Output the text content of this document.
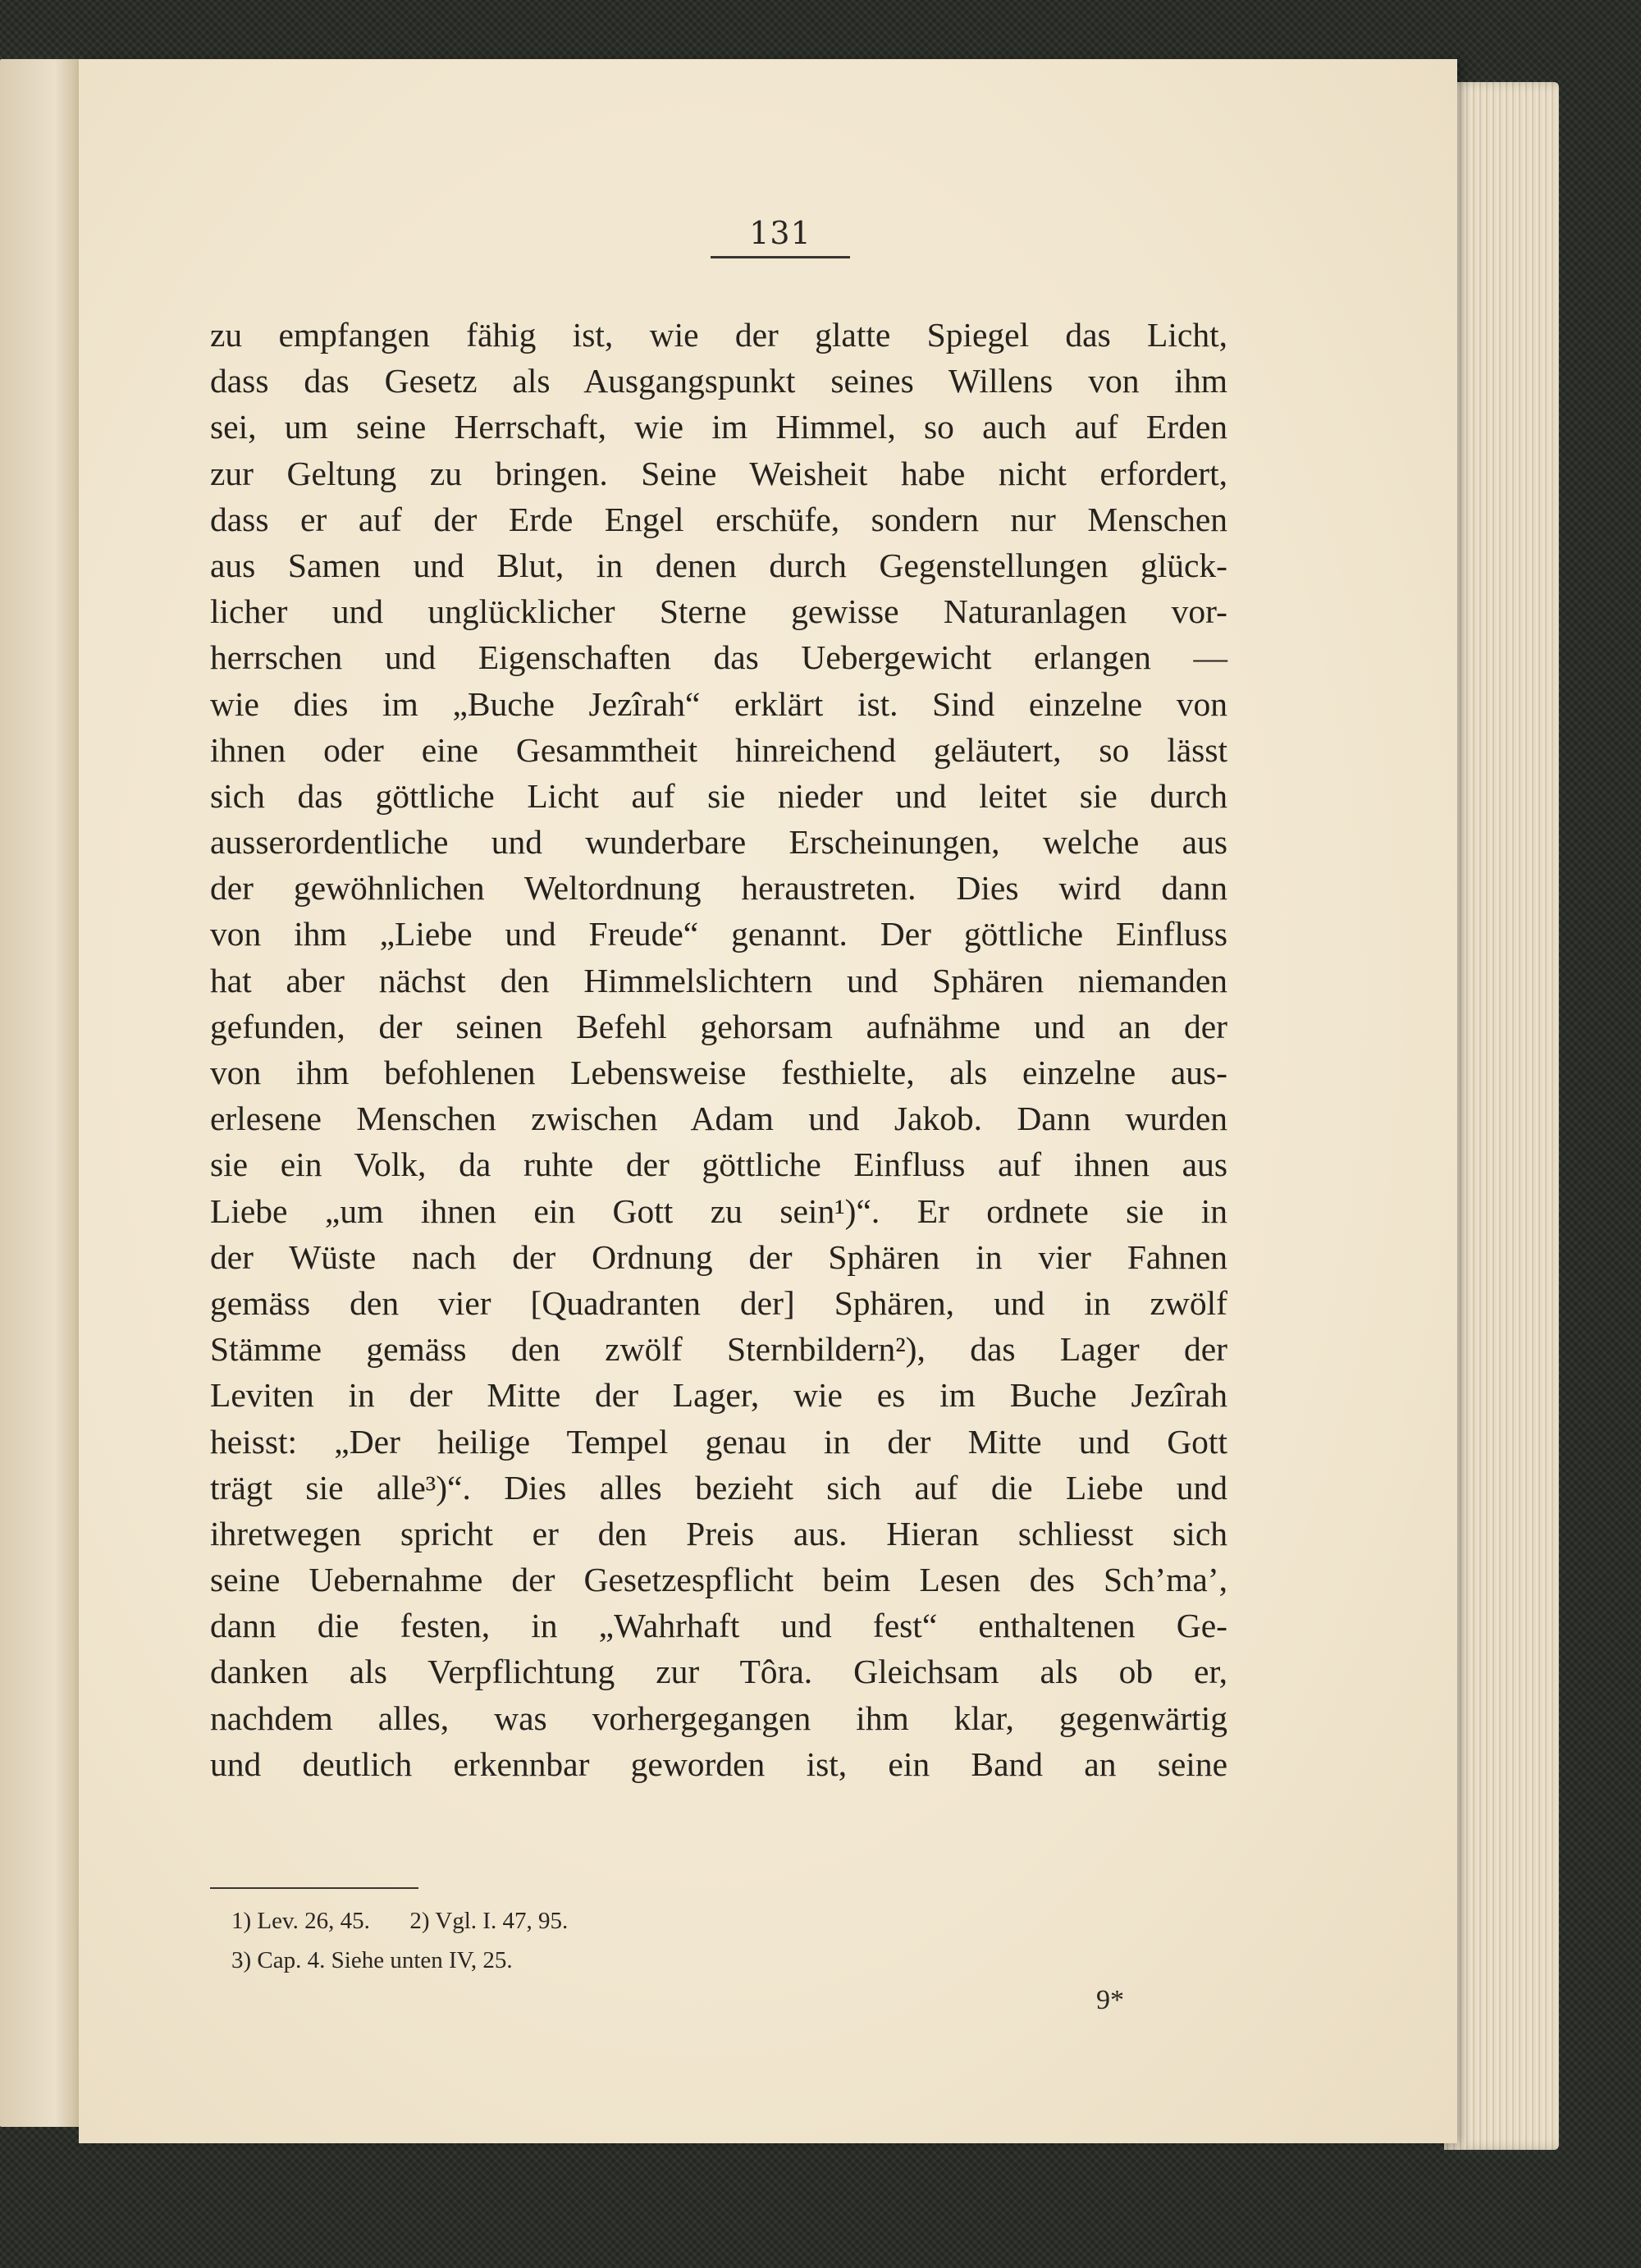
131
zu empfangen fähig ist, wie der glatte Spiegel das Licht,
dass das Gesetz als Ausgangspunkt seines Willens von ihm
sei, um seine Herrschaft, wie im Himmel, so auch auf Erden
zur Geltung zu bringen. Seine Weisheit habe nicht erfordert,
dass er auf der Erde Engel erschüfe, sondern nur Menschen
aus Samen und Blut, in denen durch Gegenstellungen glück-
licher und unglücklicher Sterne gewisse Naturanlagen vor-
herrschen und Eigenschaften das Uebergewicht erlangen —
wie dies im „Buche Jezîrah“ erklärt ist. Sind einzelne von
ihnen oder eine Gesammtheit hinreichend geläutert, so lässt
sich das göttliche Licht auf sie nieder und leitet sie durch
ausserordentliche und wunderbare Erscheinungen, welche aus
der gewöhnlichen Weltordnung heraustreten. Dies wird dann
von ihm „Liebe und Freude“ genannt. Der göttliche Einfluss
hat aber nächst den Himmelslichtern und Sphären niemanden
gefunden, der seinen Befehl gehorsam aufnähme und an der
von ihm befohlenen Lebensweise festhielte, als einzelne aus-
erlesene Menschen zwischen Adam und Jakob. Dann wurden
sie ein Volk, da ruhte der göttliche Einfluss auf ihnen aus
Liebe „um ihnen ein Gott zu sein¹)“. Er ordnete sie in
der Wüste nach der Ordnung der Sphären in vier Fahnen
gemäss den vier [Quadranten der] Sphären, und in zwölf
Stämme gemäss den zwölf Sternbildern²), das Lager der
Leviten in der Mitte der Lager, wie es im Buche Jezîrah
heisst: „Der heilige Tempel genau in der Mitte und Gott
trägt sie alle³)“. Dies alles bezieht sich auf die Liebe und
ihretwegen spricht er den Preis aus. Hieran schliesst sich
seine Uebernahme der Gesetzespflicht beim Lesen des Sch’ma’,
dann die festen, in „Wahrhaft und fest“ enthaltenen Ge-
danken als Verpflichtung zur Tôra. Gleichsam als ob er,
nachdem alles, was vorhergegangen ihm klar, gegenwärtig
und deutlich erkennbar geworden ist, ein Band an seine
1) Lev. 26, 45. 2) Vgl. I. 47, 95.
3) Cap. 4. Siehe unten IV, 25.
9*
